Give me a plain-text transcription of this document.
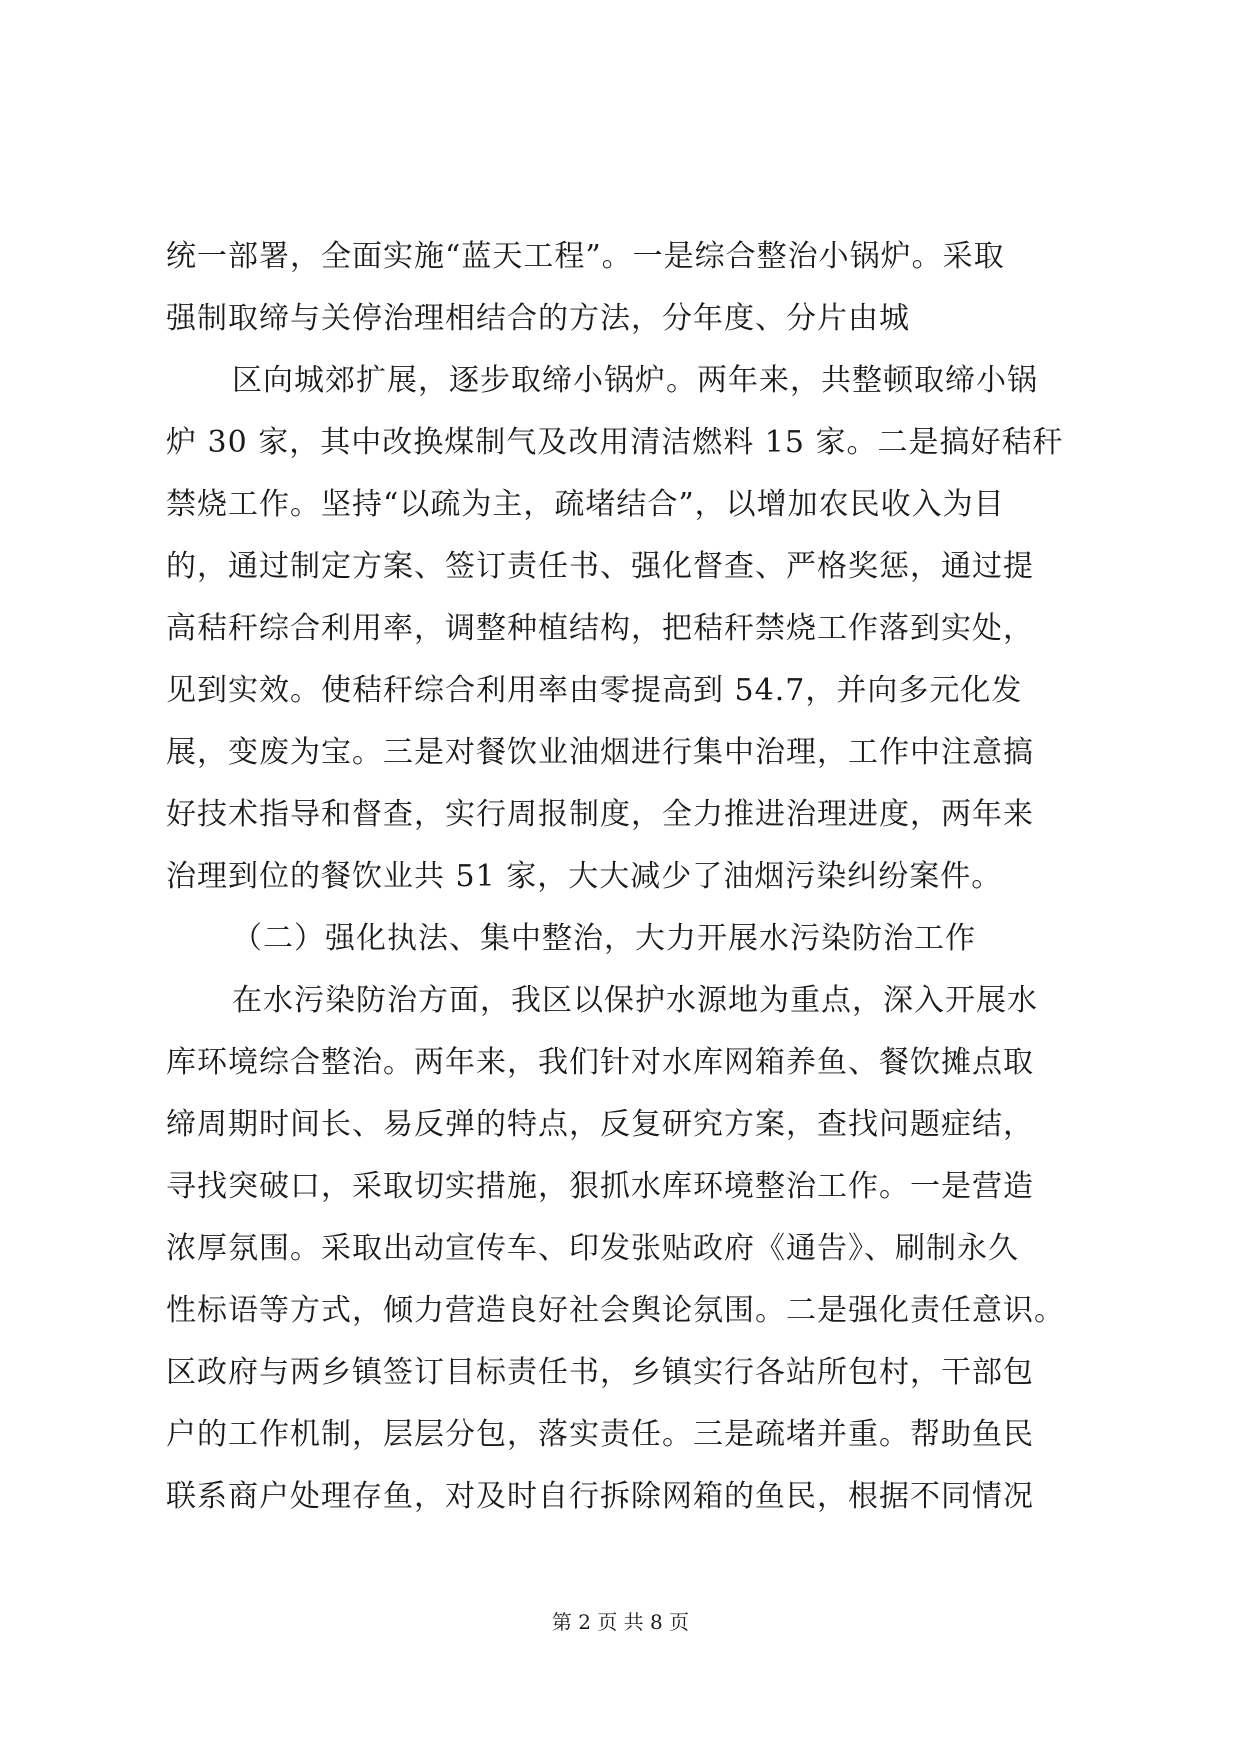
统一部署，全面实施“蓝天工程”。一是综合整治小锅炉。采取
强制取缔与关停治理相结合的方法，分年度、分片由城
区向城郊扩展，逐步取缔小锅炉。两年来，共整顿取缔小锅
炉 30 家，其中改换煤制气及改用清洁燃料 15 家。二是搞好秸秆
禁烧工作。坚持“以疏为主，疏堵结合”，以增加农民收入为目
的，通过制定方案、签订责任书、强化督查、严格奖惩，通过提
高秸秆综合利用率，调整种植结构，把秸秆禁烧工作落到实处，
见到实效。使秸秆综合利用率由零提高到 54.7，并向多元化发
展，变废为宝。三是对餐饮业油烟进行集中治理，工作中注意搞
好技术指导和督查，实行周报制度，全力推进治理进度，两年来
治理到位的餐饮业共 51 家，大大减少了油烟污染纠纷案件。
（二）强化执法、集中整治，大力开展水污染防治工作
在水污染防治方面，我区以保护水源地为重点，深入开展水
库环境综合整治。两年来，我们针对水库网箱养鱼、餐饮摊点取
缔周期时间长、易反弹的特点，反复研究方案，查找问题症结，
寻找突破口，采取切实措施，狠抓水库环境整治工作。一是营造
浓厚氛围。采取出动宣传车、印发张贴政府《通告》、刷制永久
性标语等方式，倾力营造良好社会舆论氛围。二是强化责任意识。
区政府与两乡镇签订目标责任书，乡镇实行各站所包村，干部包
户的工作机制，层层分包，落实责任。三是疏堵并重。帮助鱼民
联系商户处理存鱼，对及时自行拆除网箱的鱼民，根据不同情况
第 2 页 共 8 页
